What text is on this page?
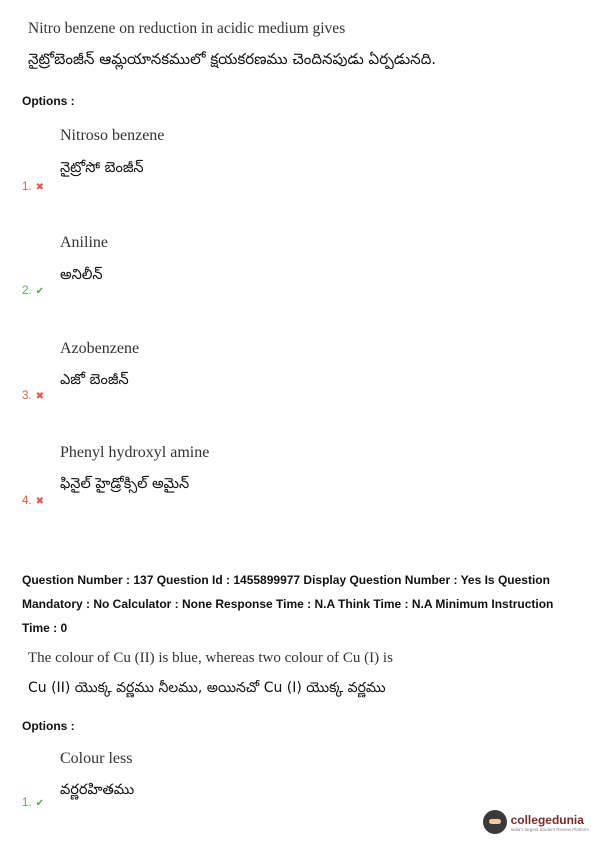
Nitro benzene on reduction in acidic medium gives
నైట్రోబెంజీన్ ఆమ్లయానకములో క్షయకరణము చెందినపుడు ఏర్పడునది.
Options :
Nitroso benzene
నైట్రోసో బెంజీన్
1. ✖
Aniline
అనిలీన్
2. ✔
Azobenzene
ఎజో బెంజీన్
3. ✖
Phenyl hydroxyl amine
ఫినైల్ హైడ్రోక్సిల్ అమైన్
4. ✖
Question Number : 137 Question Id : 1455899977 Display Question Number : Yes Is Question
Mandatory : No Calculator : None Response Time : N.A Think Time : N.A Minimum Instruction
Time : 0
The colour of Cu (II) is blue, whereas two colour of Cu (I) is
Cu (II) యొక్క వర్ణము నీలము, అయినచో Cu (I) యొక్క వర్ణము
Options :
Colour less
వర్ణరహితము
1. ✔
collegedunia
India's largest Student Review Platform
